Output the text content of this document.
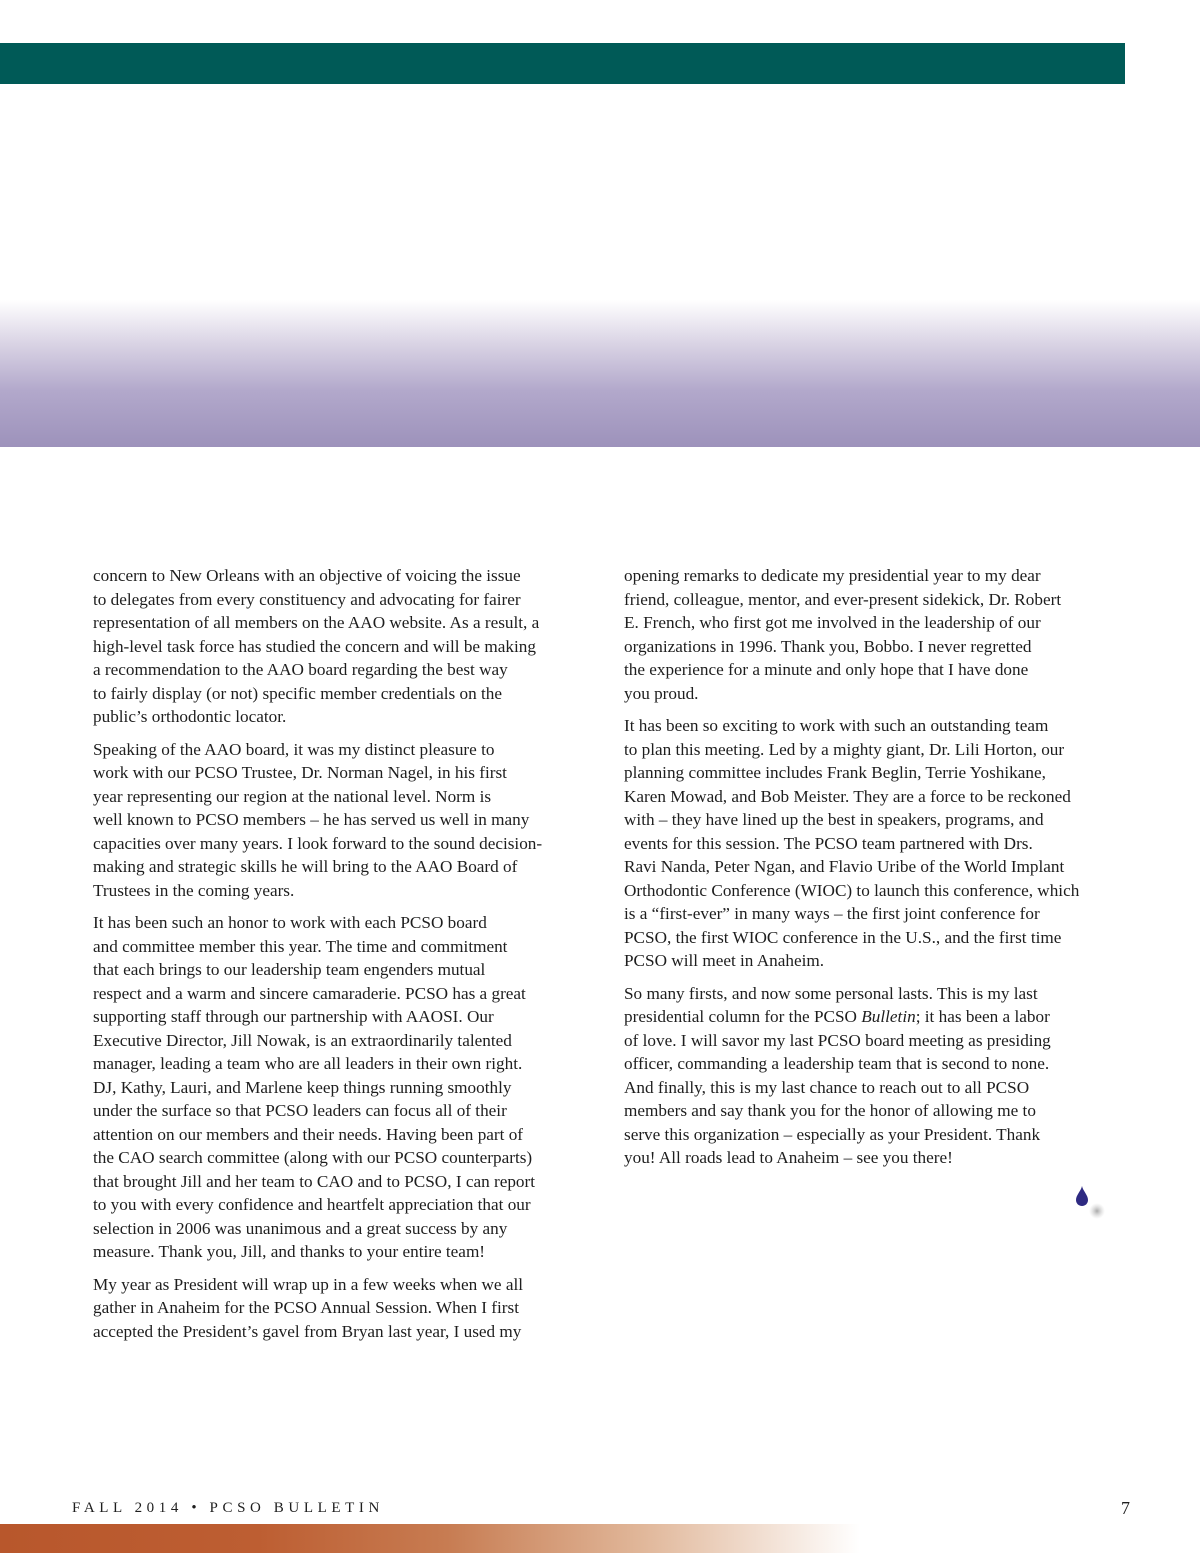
concern to New Orleans with an objective of voicing the issue
to delegates from every constituency and advocating for fairer
representation of all members on the AAO website. As a result, a
high-level task force has studied the concern and will be making
a recommendation to the AAO board regarding the best way
to fairly display (or not) specific member credentials on the
public’s orthodontic locator.

Speaking of the AAO board, it was my distinct pleasure to
work with our PCSO Trustee, Dr. Norman Nagel, in his first
year representing our region at the national level. Norm is
well known to PCSO members – he has served us well in many
capacities over many years. I look forward to the sound decision-
making and strategic skills he will bring to the AAO Board of
Trustees in the coming years.

It has been such an honor to work with each PCSO board
and committee member this year. The time and commitment
that each brings to our leadership team engenders mutual
respect and a warm and sincere camaraderie. PCSO has a great
supporting staff through our partnership with AAOSI. Our
Executive Director, Jill Nowak, is an extraordinarily talented
manager, leading a team who are all leaders in their own right.
DJ, Kathy, Lauri, and Marlene keep things running smoothly
under the surface so that PCSO leaders can focus all of their
attention on our members and their needs. Having been part of
the CAO search committee (along with our PCSO counterparts)
that brought Jill and her team to CAO and to PCSO, I can report
to you with every confidence and heartfelt appreciation that our
selection in 2006 was unanimous and a great success by any
measure. Thank you, Jill, and thanks to your entire team!

My year as President will wrap up in a few weeks when we all
gather in Anaheim for the PCSO Annual Session. When I first
accepted the President’s gavel from Bryan last year, I used my

opening remarks to dedicate my presidential year to my dear
friend, colleague, mentor, and ever-present sidekick, Dr. Robert
E. French, who first got me involved in the leadership of our
organizations in 1996. Thank you, Bobbo. I never regretted
the experience for a minute and only hope that I have done
you proud.

It has been so exciting to work with such an outstanding team
to plan this meeting. Led by a mighty giant, Dr. Lili Horton, our
planning committee includes Frank Beglin, Terrie Yoshikane,
Karen Mowad, and Bob Meister. They are a force to be reckoned
with – they have lined up the best in speakers, programs, and
events for this session. The PCSO team partnered with Drs.
Ravi Nanda, Peter Ngan, and Flavio Uribe of the World Implant
Orthodontic Conference (WIOC) to launch this conference, which
is a “first-ever” in many ways – the first joint conference for
PCSO, the first WIOC conference in the U.S., and the first time
PCSO will meet in Anaheim.

So many firsts, and now some personal lasts. This is my last
presidential column for the PCSO Bulletin; it has been a labor
of love. I will savor my last PCSO board meeting as presiding
officer, commanding a leadership team that is second to none.
And finally, this is my last chance to reach out to all PCSO
members and say thank you for the honor of allowing me to
serve this organization – especially as your President. Thank
you! All roads lead to Anaheim – see you there!

FALL 2014 • PCSO BULLETIN	7
